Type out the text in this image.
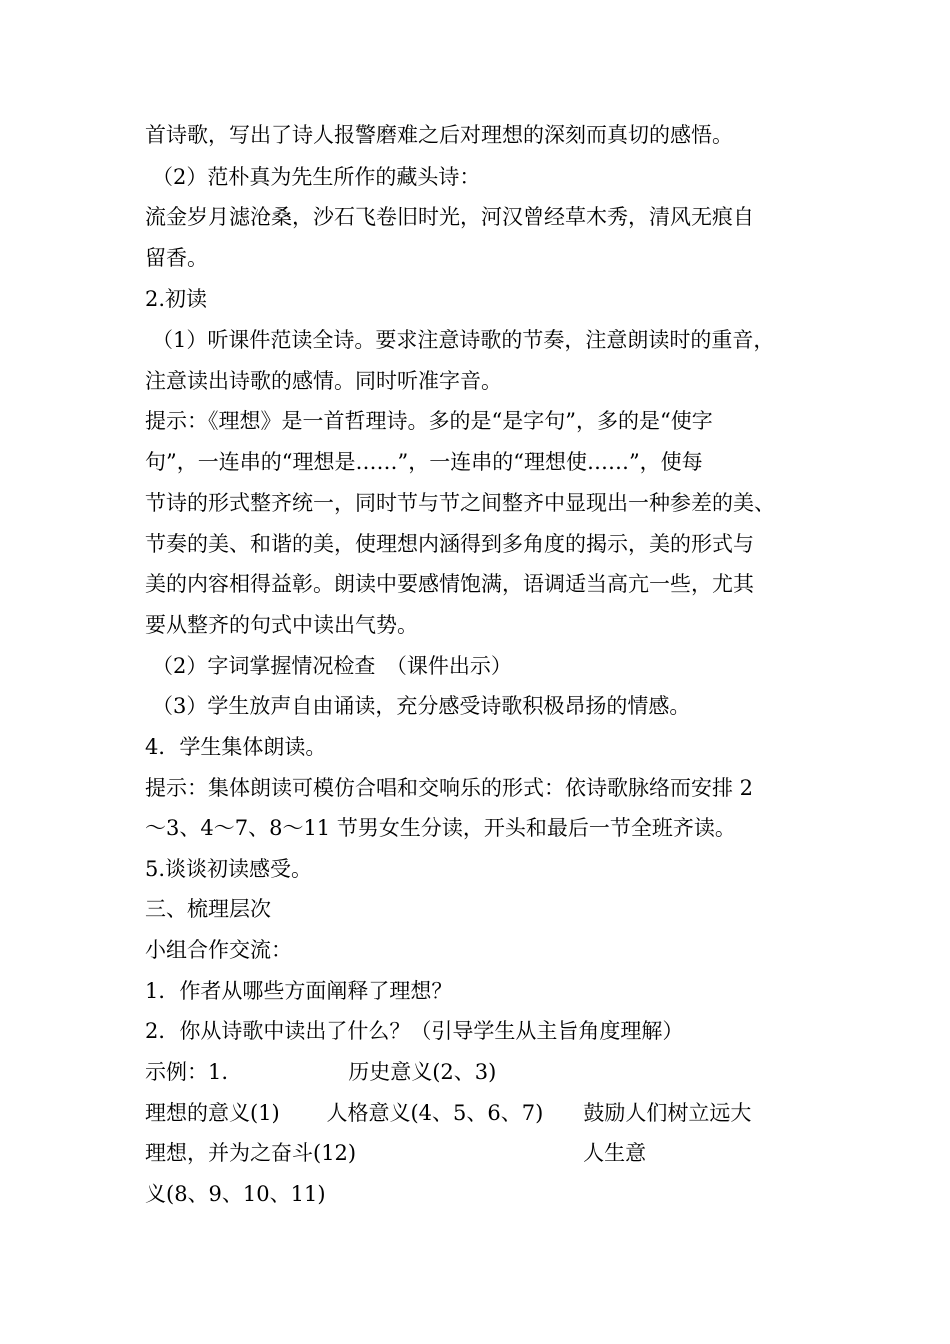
首诗歌，写出了诗人报警磨难之后对理想的深刻而真切的感悟。
（2）范朴真为先生所作的藏头诗：
流金岁月滤沧桑，沙石飞卷旧时光，河汉曾经草木秀，清风无痕自
留香。
2.初读
（1）听课件范读全诗。要求注意诗歌的节奏，注意朗读时的重音，
注意读出诗歌的感情。同时听准字音。
提示：《理想》是一首哲理诗。多的是“是字句”，多的是“使字
句”，一连串的“理想是……”，一连串的“理想使……”，使每
节诗的形式整齐统一，同时节与节之间整齐中显现出一种参差的美、
节奏的美、和谐的美，使理想内涵得到多角度的揭示，美的形式与
美的内容相得益彰。朗读中要感情饱满，语调适当高亢一些，尤其
要从整齐的句式中读出气势。
（2）字词掌握情况检查　（课件出示）
（3）学生放声自由诵读，充分感受诗歌积极昂扬的情感。
4．学生集体朗读。
提示：集体朗读可模仿合唱和交响乐的形式：依诗歌脉络而安排 2
～3、4～7、8～11 节男女生分读，开头和最后一节全班齐读。
5.谈谈初读感受。
三、梳理层次
小组合作交流：
1．作者从哪些方面阐释了理想？
2．你从诗歌中读出了什么？（引导学生从主旨角度理解）
示例：1.                  历史意义(2、3)
理想的意义(1)       人格意义(4、5、6、7)      鼓励人们树立远大
理想，并为之奋斗(12)                                  人生意
义(8、9、10、11)
